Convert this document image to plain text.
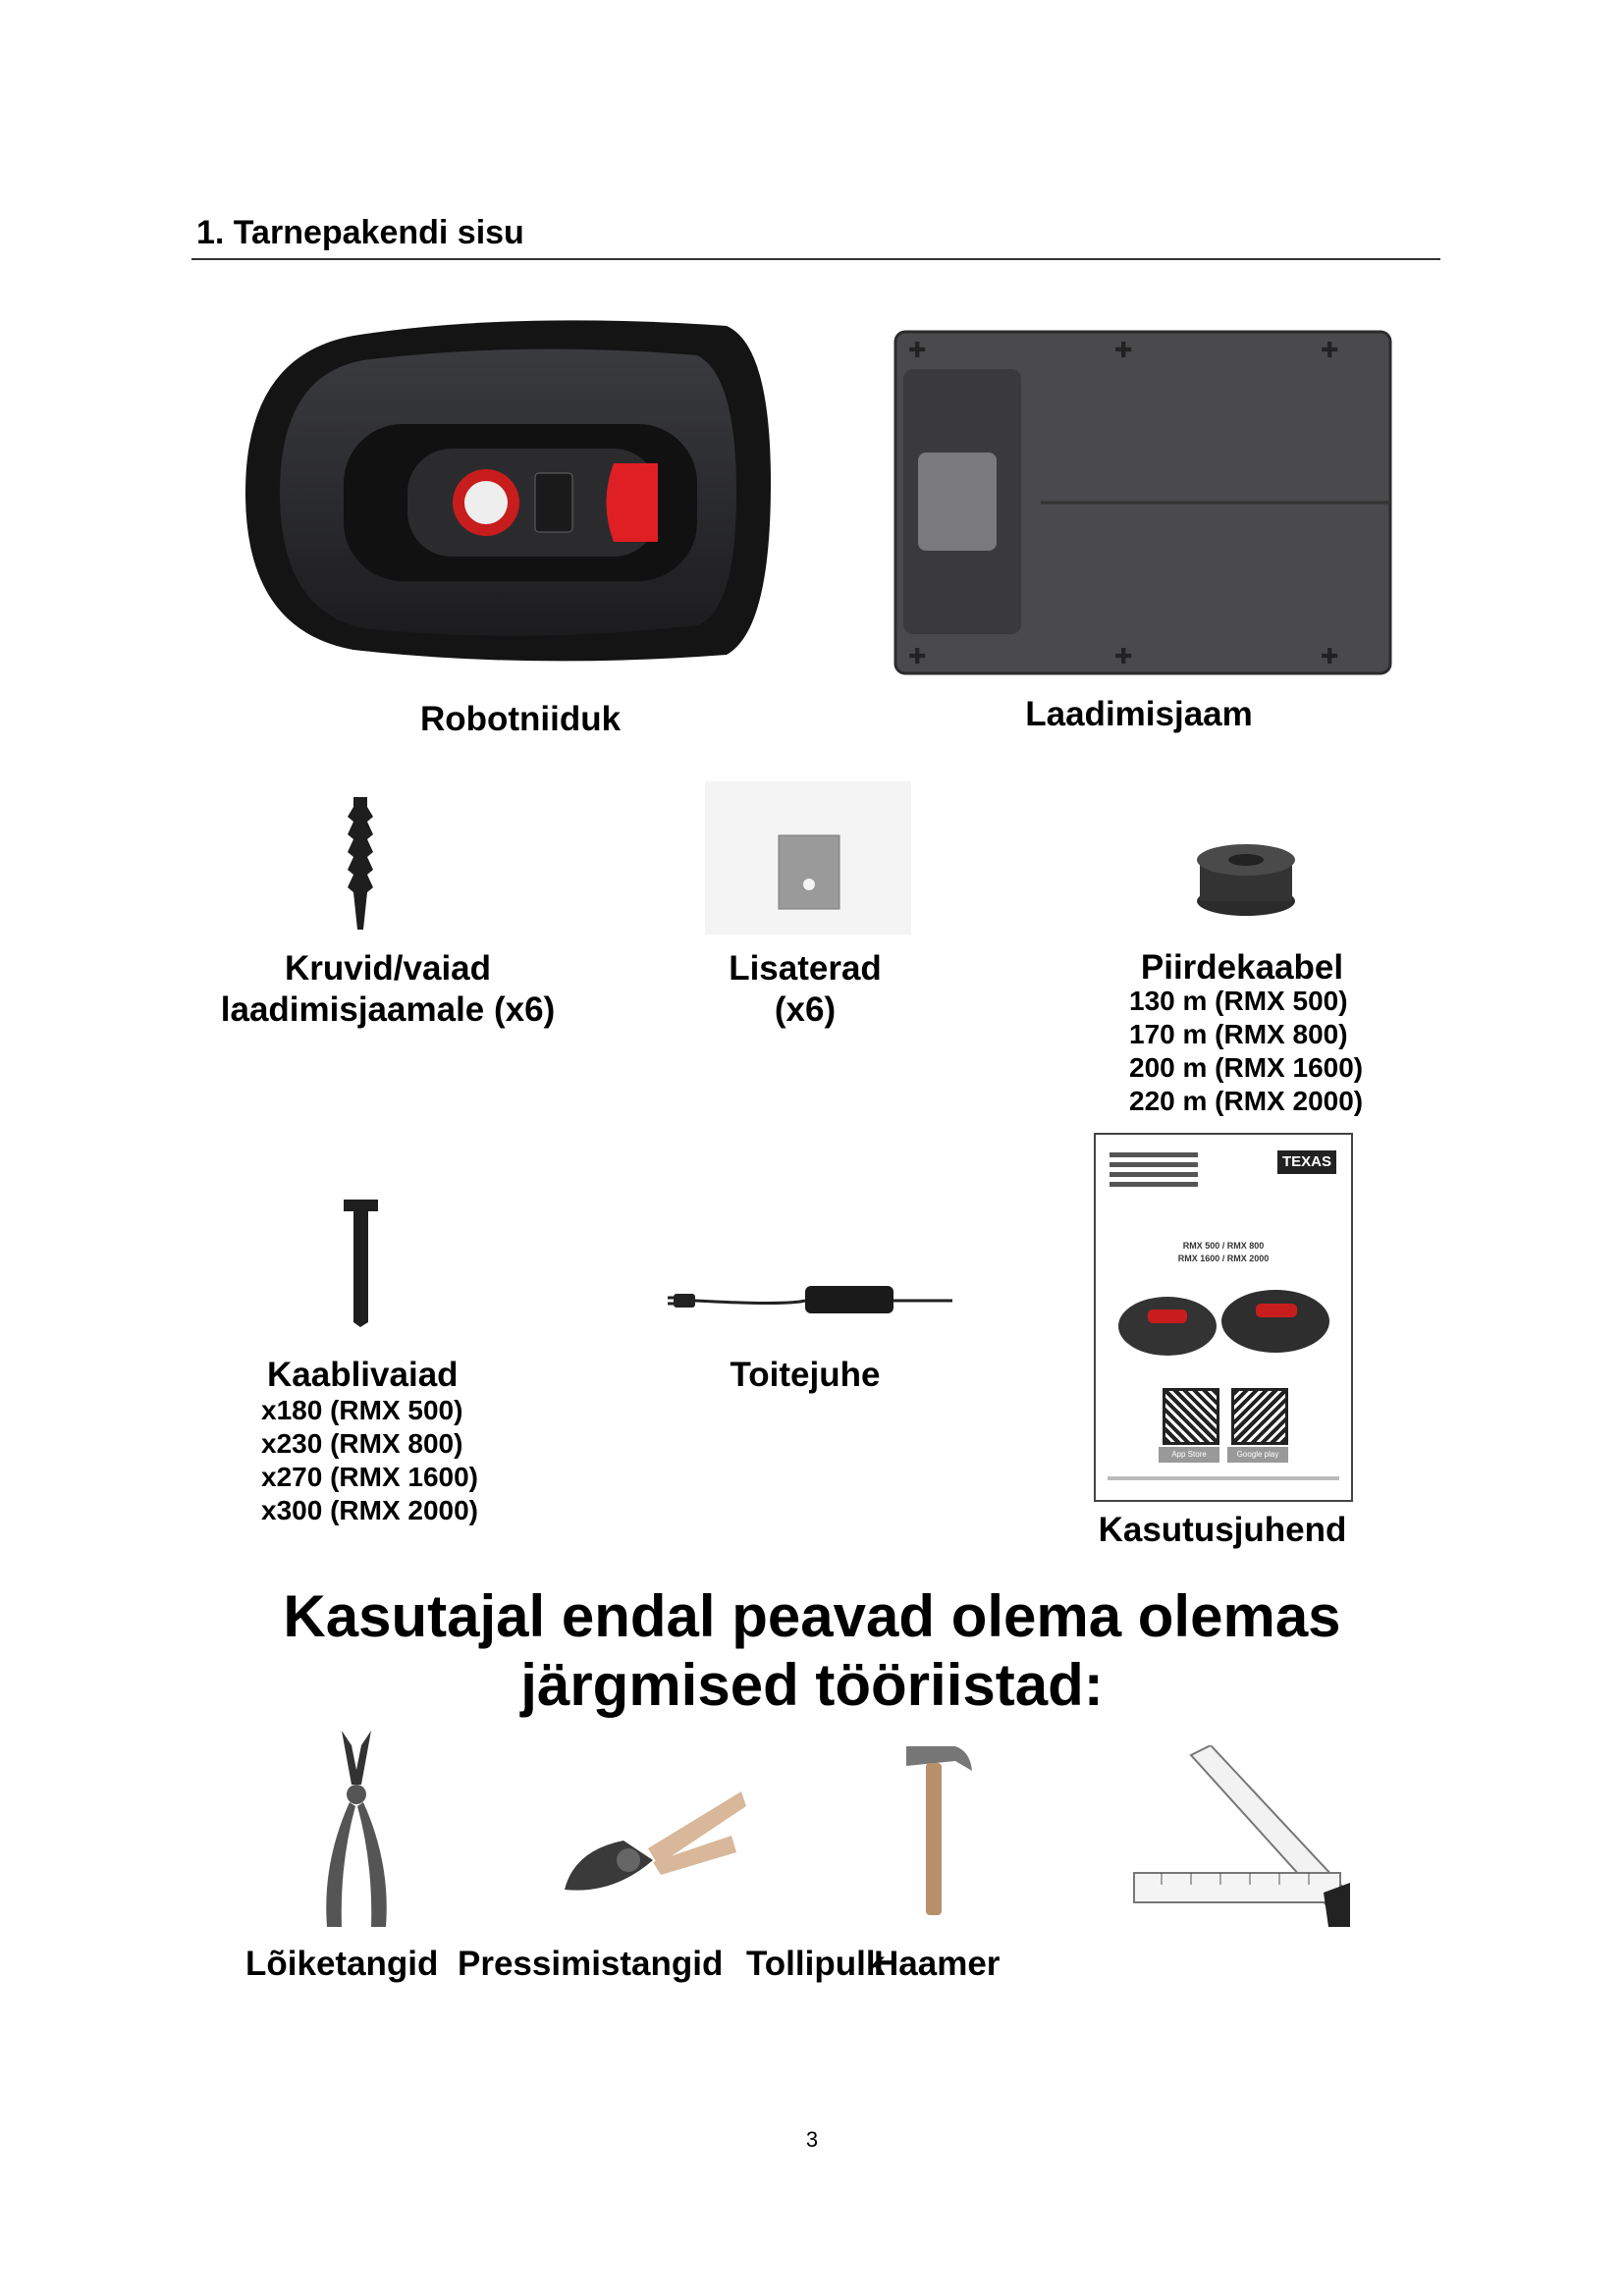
1. Tarnepakendi sisu
Robotniiduk
✚	✚	✚
✚	✚	✚
Laadimisjaam
Kruvid/vaiad
laadimisjaamale (x6)
Lisaterad
(x6)
Piirdekaabel
130 m (RMX 500)
170 m (RMX 800)
200 m (RMX 1600)
220 m (RMX 2000)
Kaablivaiad
x180 (RMX 500)
x230 (RMX 800)
x270 (RMX 1600)
x300 (RMX 2000)
Toitejuhe
TEXAS
RMX 500 / RMX 800
RMX 1600 / RMX 2000
App Store	Google play
Kasutusjuhend
Kasutajal endal peavad olema olemas
järgmised tööriistad:
Lõiketangid Pressimistangid Tollipulk
Haamer
3
